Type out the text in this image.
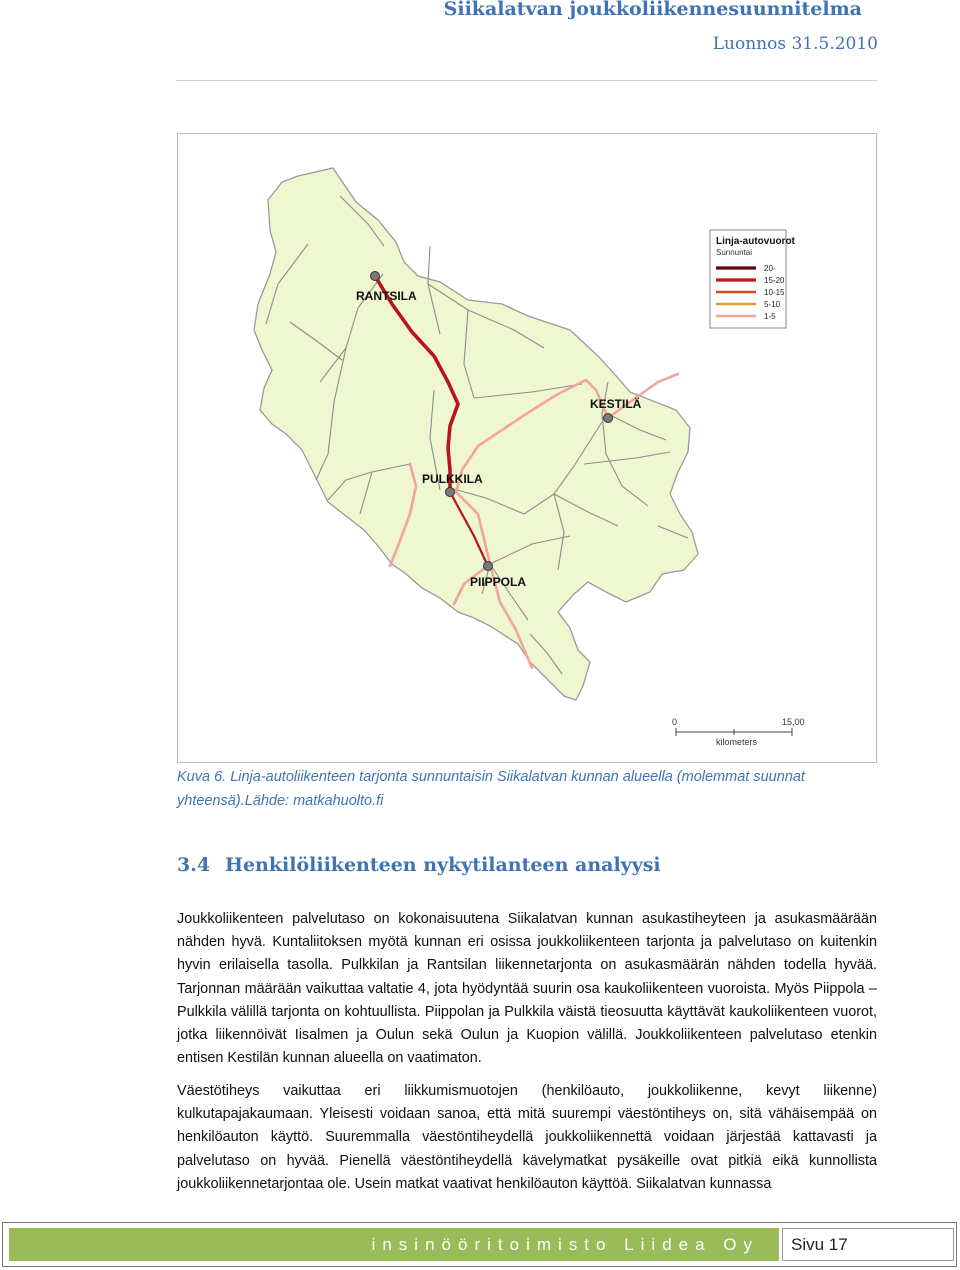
Siikalatvan joukkoliikennesuunnitelma
Luonnos 31.5.2010
RANTSILA
KESTILÄ
PULKKILA
PIIPPOLA
Linja-autovuorot
Sunnuntai
20-
15-20
10-15
5-10
1-5
0	15,00
kilometers
Kuva 6. Linja-autoliikenteen tarjonta sunnuntaisin Siikalatvan kunnan alueella (molemmat suunnat yhteensä).Lähde: matkahuolto.fi
3.4 Henkilöliikenteen nykytilanteen analyysi
Joukkoliikenteen palvelutaso on kokonaisuutena Siikalatvan kunnan asukastiheyteen ja asukasmäärään nähden hyvä. Kuntaliitoksen myötä kunnan eri osissa joukkoliikenteen tarjonta ja palvelutaso on kuitenkin hyvin erilaisella tasolla. Pulkkilan ja Rantsilan liikennetarjonta on asukasmäärän nähden todella hyvää. Tarjonnan määrään vaikuttaa valtatie 4, jota hyödyntää suurin osa kaukoliikenteen vuoroista. Myös Piippola – Pulkkila välillä tarjonta on kohtuullista. Piippolan ja Pulkkila väistä tieosuutta käyttävät kaukoliikenteen vuorot, jotka liikennöivät Iisalmen ja Oulun sekä Oulun ja Kuopion välillä. Joukkoliikenteen palvelutaso etenkin entisen Kestilän kunnan alueella on vaatimaton.
Väestötiheys vaikuttaa eri liikkumismuotojen (henkilöauto, joukkoliikenne, kevyt liikenne) kulkutapajakaumaan. Yleisesti voidaan sanoa, että mitä suurempi väestöntiheys on, sitä vähäisempää on henkilöauton käyttö. Suuremmalla väestöntiheydellä joukkoliikennettä voidaan järjestää kattavasti ja palvelutaso on hyvää. Pienellä väestöntiheydellä kävelymatkat pysäkeille ovat pitkiä eikä kunnollista joukkoliikennetarjontaa ole. Usein matkat vaativat henkilöauton käyttöä. Siikalatvan kunnassa
insinööritoimisto Liidea Oy	Sivu 17
